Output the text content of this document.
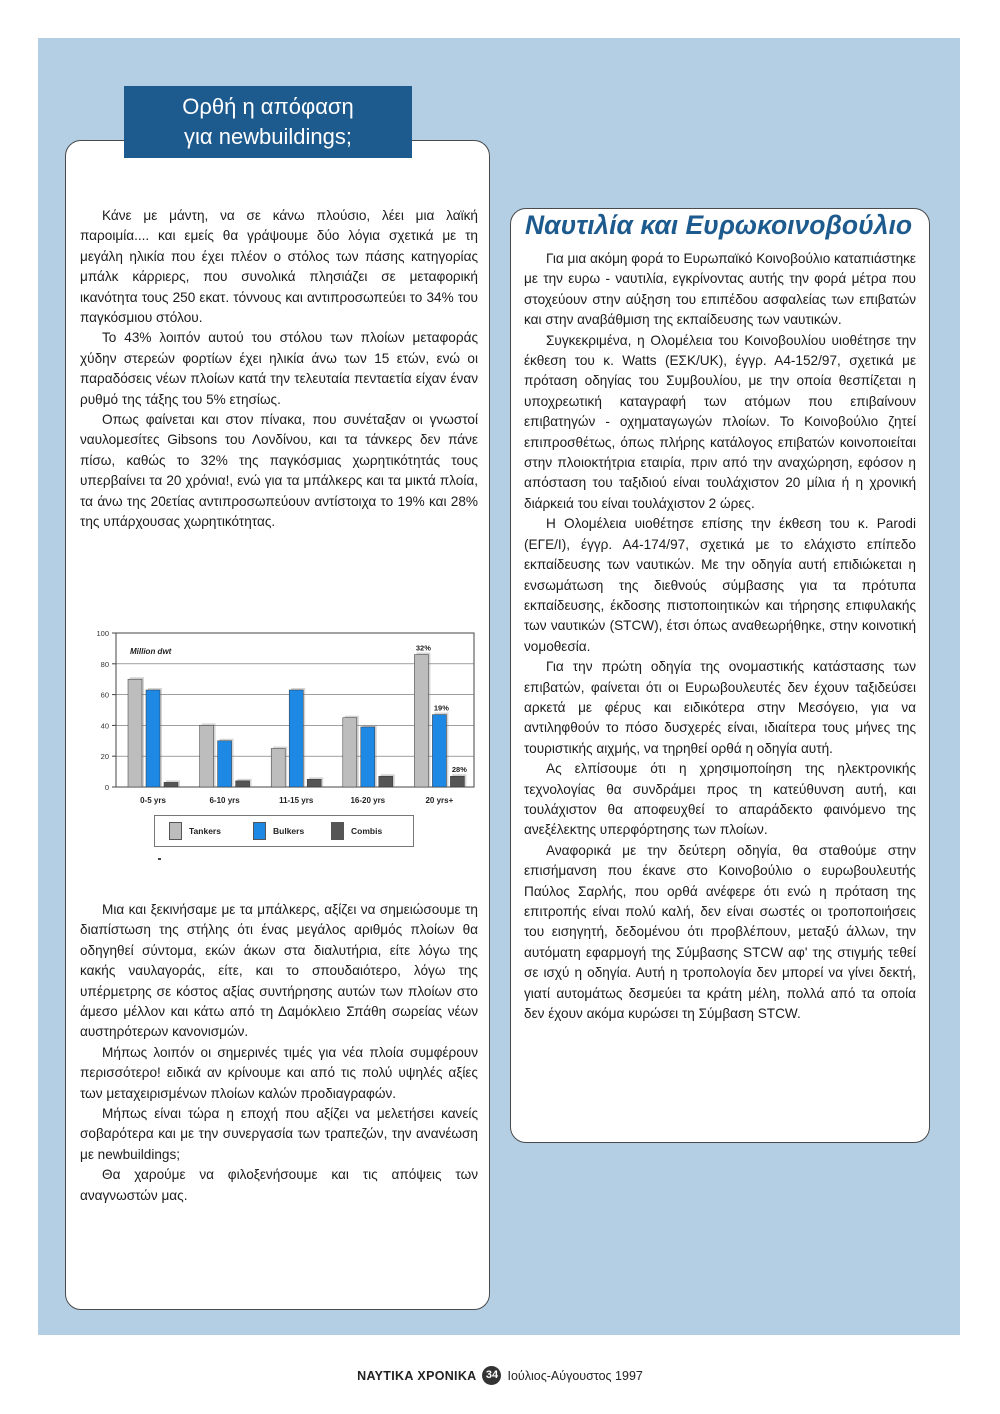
Ορθή η απόφαση
για newbuildings;

Κάνε με μάντη, να σε κάνω πλούσιο, λέει μια λαϊκή παροιμία.... και εμείς θα γράψουμε δύο λόγια σχετικά με τη μεγάλη ηλικία που έχει πλέον ο στόλος των πάσης κατηγορίας μπάλκ κάρριερς, που συνολικά πλησιάζει σε μεταφορική ικανότητα τους 250 εκατ. τόννους και αντιπροσωπεύει το 34% του παγκόσμιου στόλου.

Το 43% λοιπόν αυτού του στόλου των πλοίων μεταφοράς χύδην στερεών φορτίων έχει ηλικία άνω των 15 ετών, ενώ οι παραδόσεις νέων πλοίων κατά την τελευταία πενταετία είχαν έναν ρυθμό της τάξης του 5% ετησίως.

Οπως φαίνεται και στον πίνακα, που συνέταξαν οι γνωστοί ναυλομεσίτες Gibsons του Λονδίνου, και τα τάνκερς δεν πάνε πίσω, καθώς το 32% της παγκόσμιας χωρητικότητάς τους υπερβαίνει τα 20 χρόνια!, ενώ για τα μπάλκερς και τα μικτά πλοία, τα άνω της 20ετίας αντιπροσωπεύουν αντίστοιχα το 19% και 28% της υπάρχουσας χωρητικότητας.

0
20
40
60
80
100
Million dwt
0-5 yrs	6-10 yrs	11-15 yrs	16-20 yrs
32%
19%
28%
20 yrs+
Tankers	Bulkers	Combis

Μια και ξεκινήσαμε με τα μπάλκερς, αξίζει να σημειώσουμε τη διαπίστωση της στήλης ότι ένας μεγάλος αριθμός πλοίων θα οδηγηθεί σύντομα, εκών άκων στα διαλυτήρια, είτε λόγω της κακής ναυλαγοράς, είτε, και το σπουδαιότερο, λόγω της υπέρμετρης σε κόστος αξίας συντήρησης αυτών των πλοίων στο άμεσο μέλλον και κάτω από τη Δαμόκλειο Σπάθη σωρείας νέων αυστηρότερων κανονισμών.

Μήπως λοιπόν οι σημερινές τιμές για νέα πλοία συμφέρουν περισσότερο! ειδικά αν κρίνουμε και από τις πολύ υψηλές αξίες των μεταχειρισμένων πλοίων καλών προδιαγραφών.

Μήπως είναι τώρα η εποχή που αξίζει να μελετήσει κανείς σοβαρότερα και με την συνεργασία των τραπεζών, την ανανέωση με newbuildings;

Θα χαρούμε να φιλοξενήσουμε και τις απόψεις των αναγνωστών μας.

Ναυτιλία και Ευρωκοινοβούλιο

Για μια ακόμη φορά το Ευρωπαϊκό Κοινοβούλιο καταπιάστηκε με την ευρω - ναυτιλία, εγκρίνοντας αυτής την φορά μέτρα που στοχεύουν στην αύξηση του επιπέδου ασφαλείας των επιβατών και στην αναβάθμιση της εκπαίδευσης των ναυτικών.

Συγκεκριμένα, η Ολομέλεια του Κοινοβουλίου υιοθέτησε την έκθεση του κ. Watts (ΕΣΚ/UK), έγγρ. Α4-152/97, σχετικά με πρόταση οδηγίας του Συμβουλίου, με την οποία θεσπίζεται η υποχρεωτική καταγραφή των ατόμων που επιβαίνουν επιβατηγών - οχηματαγωγών πλοίων. Το Κοινοβούλιο ζητεί επιπροσθέτως, όπως πλήρης κατάλογος επιβατών κοινοποιείται στην πλοιοκτήτρια εταιρία, πριν από την αναχώρηση, εφόσον η απόσταση του ταξιδιού είναι τουλάχιστον 20 μίλια ή η χρονική διάρκειά του είναι τουλάχιστον 2 ώρες.

Η Ολομέλεια υιοθέτησε επίσης την έκθεση του κ. Parodi (ΕΓΕ/Ι), έγγρ. Α4-174/97, σχετικά με το ελάχιστο επίπεδο εκπαίδευσης των ναυτικών. Με την οδηγία αυτή επιδιώκεται η ενσωμάτωση της διεθνούς σύμβασης για τα πρότυπα εκπαίδευσης, έκδοσης πιστοποιητικών και τήρησης επιφυλακής των ναυτικών (STCW), έτσι όπως αναθεωρήθηκε, στην κοινοτική νομοθεσία.

Για την πρώτη οδηγία της ονομαστικής κατάστασης των επιβατών, φαίνεται ότι οι Ευρωβουλευτές δεν έχουν ταξιδεύσει αρκετά με φέρυς και ειδικότερα στην Μεσόγειο, για να αντιληφθούν το πόσο δυσχερές είναι, ιδιαίτερα τους μήνες της τουριστικής αιχμής, να τηρηθεί ορθά η οδηγία αυτή.

Ας ελπίσουμε ότι η χρησιμοποίηση της ηλεκτρονικής τεχνολογίας θα συνδράμει προς τη κατεύθυνση αυτή, και τουλάχιστον θα αποφευχθεί το απαράδεκτο φαινόμενο της ανεξέλεκτης υπερφόρτησης των πλοίων.

Αναφορικά με την δεύτερη οδηγία, θα σταθούμε στην επισήμανση που έκανε στο Κοινοβούλιο ο ευρωβουλευτής Παύλος Σαρλής, που ορθά ανέφερε ότι ενώ η πρόταση της επιτροπής είναι πολύ καλή, δεν είναι σωστές οι τροποποιήσεις του εισηγητή, δεδομένου ότι προβλέπουν, μεταξύ άλλων, την αυτόματη εφαρμογή της Σύμβασης STCW αφ' της στιγμής τεθεί σε ισχύ η οδηγία. Αυτή η τροπολογία δεν μπορεί να γίνει δεκτή, γιατί αυτομάτως δεσμεύει τα κράτη μέλη, πολλά από τα οποία δεν έχουν ακόμα κυρώσει τη Σύμβαση STCW.

ΝΑΥΤΙΚΑ ΧΡΟΝΙΚΑ 34 Ιούλιος-Αύγουστος 1997
